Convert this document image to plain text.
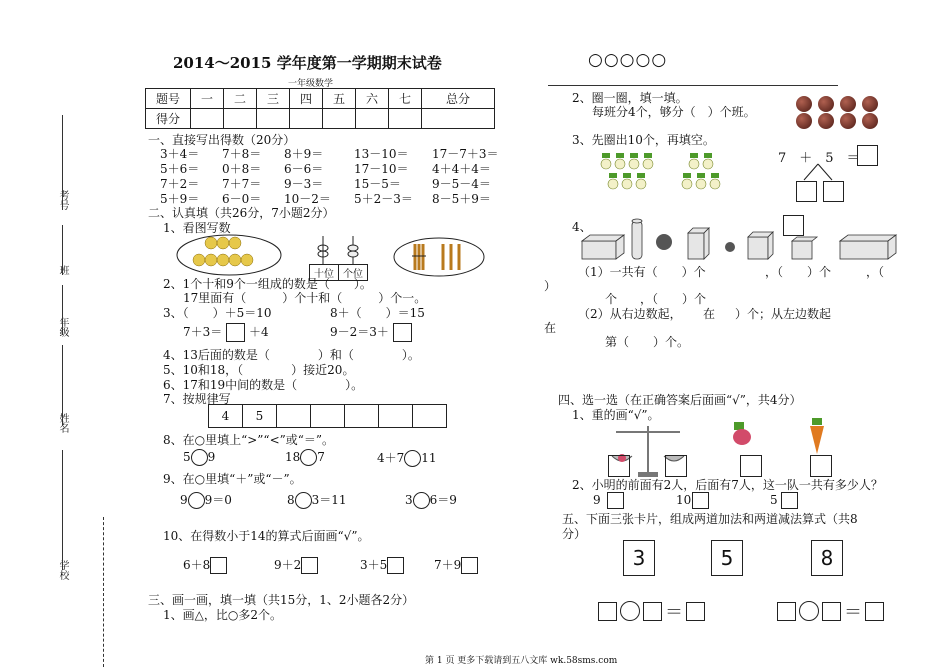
2014～2015 学年度第一学期期末试卷
一年级数学
○○○○○
题号	一	二	三	四	五	六	七	总分
得分								
考号
班
年级
姓名
学校
一、直接写出得数（20分）
3＋4＝	7＋8＝	8＋9＝	13－10＝	17－7＋3＝
5＋6＝	0＋8＝	6－6＝	17－10＝	4＋4＋4＝
7＋2＝	7＋7＝	9－3＝	15－5＝	9－5－4＝
5＋9＝	6－0＝	10－2＝	5＋2－3＝	8－5＋9＝
二、认真填（共26分，7小题2分）
1、看图写数
十位 个位
2、1个十和9个一组成的数是（　　）。
17里面有（　　　）个十和（　　　）个一。
3、（　　）＋5＝10	8＋（　　）＝15
7＋3＝ ＋4	9－2＝3＋
4、13后面的数是（　　　　）和（　　　　）。
5、10和18，（　　　　）接近20。
6、17和19中间的数是（　　　　）。
7、按规律写
4	5
8、在○里填上“>”“<”或“＝”。
5 9	18 7	4＋7 11
9、在○里填“＋”或“－”。
9 9＝0	8 3＝11	3 6＝9
10、在得数小于14的算式后面画“√”。
6＋8	9＋2	3＋5	7＋9
三、画一画，填一填（共15分，1、2小题各2分）
1、画△，比○多2个。
2、圈一圈，填一填。
每班分4个，够分（　）个班。
3、先圈出10个，再填空。
7　＋　5　＝
4、
（1）一共有（　　）个	，（　　）个	，（
）
个 ，（　　）个
（2）从右边数起， 在 ）个；从左边数起
在
第（　　）个。
四、选一选（在正确答案后面画“√”，共4分）
1、重的画“√”。
2、小明的前面有2人，后面有7人，这一队一共有多少人？
9	10	5
五、下面三张卡片，组成两道加法和两道减法算式（共8
分）
3	5	8
＝	＝
第 1 页 更多下载请到五八文库 wk.58sms.com
